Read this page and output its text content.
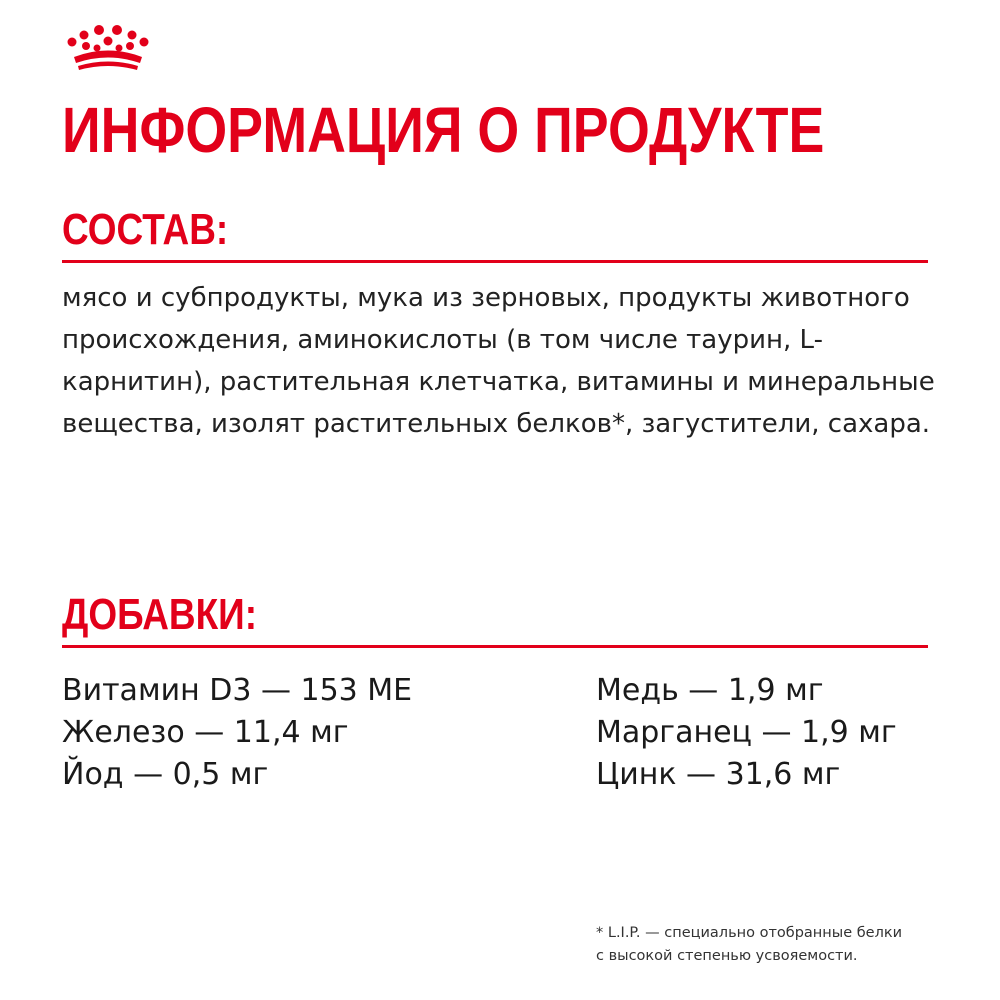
ИНФОРМАЦИЯ О ПРОДУКТЕ
СОСТАВ:

мясо и субпродукты, мука из зерновых, продукты животного происхождения, аминокислоты (в том числе таурин, L-карнитин), растительная клетчатка, витамины и минеральные вещества, изолят растительных белков*, загустители, сахара.

ДОБАВКИ:
Витамин D3 — 153 МЕ
Железо — 11,4 мг
Йод — 0,5 мг
Медь — 1,9 мг
Марганец — 1,9 мг
Цинк — 31,6 мг
* L.I.P. — специально отобранные белки
с высокой степенью усвояемости.
